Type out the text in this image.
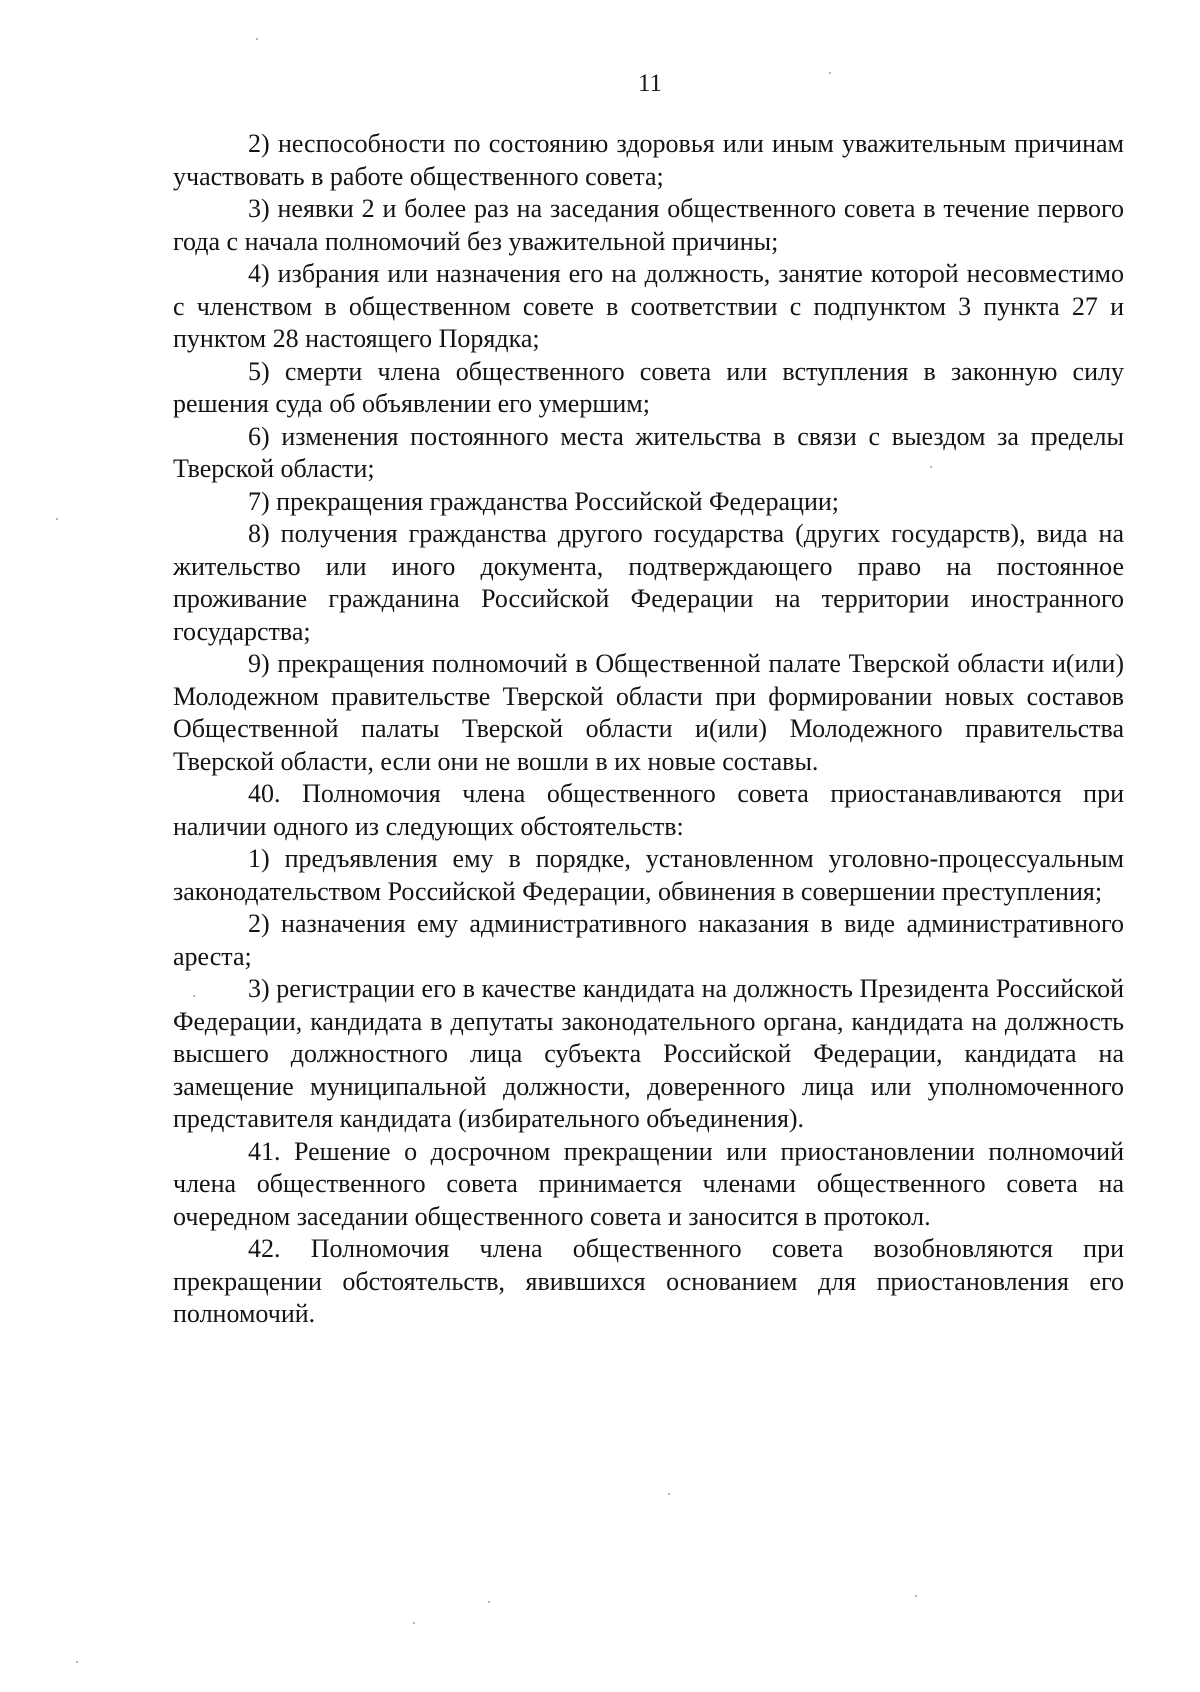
11

2) неспособности по состоянию здоровья или иным уважительным причинам участвовать в работе общественного совета;

3) неявки 2 и более раз на заседания общественного совета в течение первого года с начала полномочий без уважительной причины;

4) избрания или назначения его на должность, занятие которой несовместимо с членством в общественном совете в соответствии с подпунктом 3 пункта 27 и пунктом 28 настоящего Порядка;

5) смерти члена общественного совета или вступления в законную силу решения суда об объявлении его умершим;

6) изменения постоянного места жительства в связи с выездом за пределы Тверской области;

7) прекращения гражданства Российской Федерации;

8) получения гражданства другого государства (других государств), вида на жительство или иного документа, подтверждающего право на постоянное проживание гражданина Российской Федерации на территории иностранного государства;

9) прекращения полномочий в Общественной палате Тверской области и(или) Молодежном правительстве Тверской области при формировании новых составов Общественной палаты Тверской области и(или) Молодежного правительства Тверской области, если они не вошли в их новые составы.

40. Полномочия члена общественного совета приостанавливаются при наличии одного из следующих обстоятельств:

1) предъявления ему в порядке, установленном уголовно-процессуальным законодательством Российской Федерации, обвинения в совершении преступления;

2) назначения ему административного наказания в виде административного ареста;

3) регистрации его в качестве кандидата на должность Президента Российской Федерации, кандидата в депутаты законодательного органа, кандидата на должность высшего должностного лица субъекта Российской Федерации, кандидата на замещение муниципальной должности, доверенного лица или уполномоченного представителя кандидата (избирательного объединения).

41. Решение о досрочном прекращении или приостановлении полномочий члена общественного совета принимается членами общественного совета на очередном заседании общественного совета и заносится в протокол.

42. Полномочия члена общественного совета возобновляются при прекращении обстоятельств, явившихся основанием для приостановления его полномочий.
